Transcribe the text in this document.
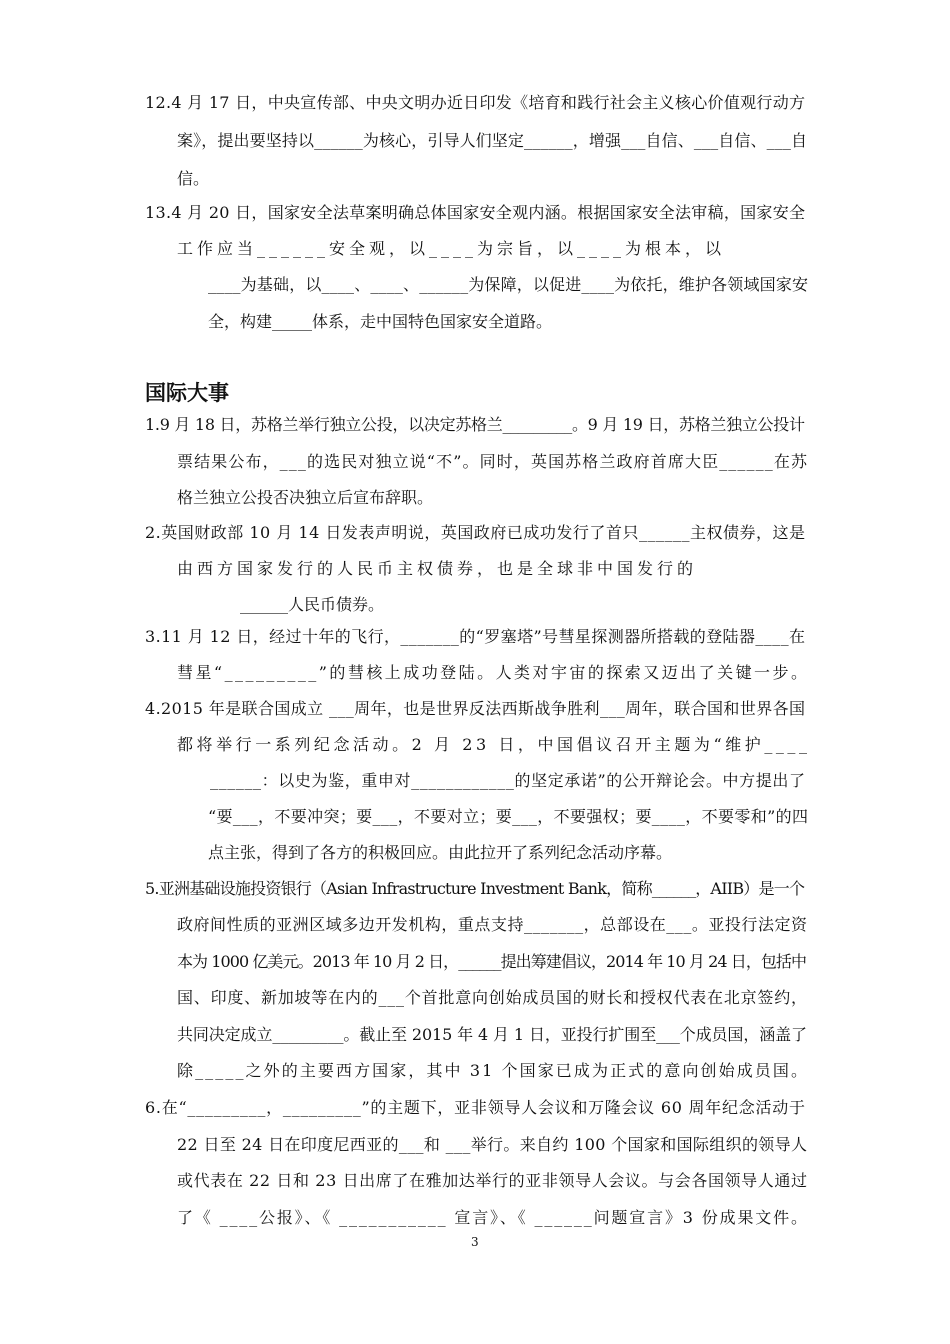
12.4 月 17 日，中央宣传部、中央文明办近日印发《培育和践行社会主义核心价值观行动方
案》，提出要坚持以______为核心，引导人们坚定______，增强___自信、___自信、___自
信。
13.4 月 20 日，国家安全法草案明确总体国家安全观内涵。根据国家安全法审稿，国家安全
工作应当______安全观，以____为宗旨，以____为根本，以
____为基础，以____、____、______为保障，以促进____为依托，维护各领域国家安
全，构建_____体系，走中国特色国家安全道路。
国际大事
1.9 月 18 日，苏格兰举行独立公投，以决定苏格兰_________。9 月 19 日，苏格兰独立公投计
票结果公布，___的选民对独立说“不”。同时，英国苏格兰政府首席大臣______在苏
格兰独立公投否决独立后宣布辞职。
2.英国财政部 10 月 14 日发表声明说，英国政府已成功发行了首只______主权债券，这是
由西方国家发行的人民币主权债券，也是全球非中国发行的
______人民币债券。
3.11 月 12 日，经过十年的飞行，_______的“罗塞塔”号彗星探测器所搭载的登陆器____在
彗星“_________”的彗核上成功登陆。人类对宇宙的探索又迈出了关键一步。
4.2015 年是联合国成立 ___周年，也是世界反法西斯战争胜利___周年，联合国和世界各国
都将举行一系列纪念活动。2 月 23 日，中国倡议召开主题为“维护____
______：以史为鉴，重申对____________的坚定承诺”的公开辩论会。中方提出了
“要___，不要冲突；要___，不要对立；要___，不要强权；要____，不要零和”的四
点主张，得到了各方的积极回应。由此拉开了系列纪念活动序幕。
5.亚洲基础设施投资银行（Asian Infrastructure Investment Bank，简称______，AIIB）是一个
政府间性质的亚洲区域多边开发机构，重点支持_______，总部设在___。亚投行法定资
本为 1000 亿美元。2013 年 10 月 2 日，______提出筹建倡议，2014 年 10 月 24 日，包括中
国、印度、新加坡等在内的___个首批意向创始成员国的财长和授权代表在北京签约，
共同决定成立_________。截止至 2015 年 4 月 1 日，亚投行扩围至___个成员国，涵盖了
除_____之外的主要西方国家，其中 31 个国家已成为正式的意向创始成员国。
6.在“_________，_________”的主题下，亚非领导人会议和万隆会议 60 周年纪念活动于
22 日至 24 日在印度尼西亚的___和 ___举行。来自约 100 个国家和国际组织的领导人
或代表在 22 日和 23 日出席了在雅加达举行的亚非领导人会议。与会各国领导人通过
了《 ____公报》、《 ___________ 宣言》、《 ______问题宣言》3 份成果文件。
3
